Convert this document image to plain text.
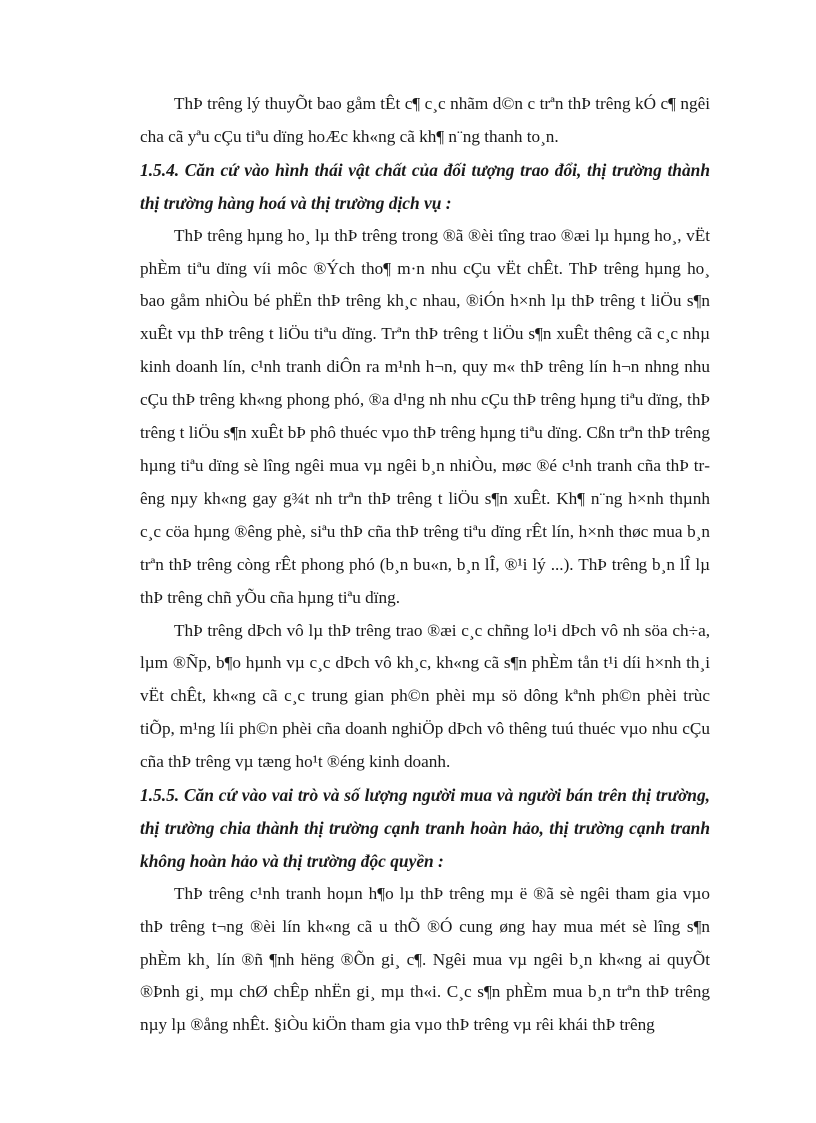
ThÞ trêng lý thuyÕt bao gåm tÊt c¶ c¸c nhãm d©n c trªn thÞ trêng kÓ c¶ ngêi cha cã yªu cÇu tiªu dïng hoÆc kh«ng cã kh¶ n¨ng thanh to¸n.

1.5.4. Căn cứ vào hình thái vật chất của đối tượng trao đổi, thị trường thành thị trường hàng hoá và thị trường dịch vụ :

ThÞ trêng hµng ho¸ lµ thÞ trêng trong ®ã ®èi tîng trao ®æi lµ hµng ho¸, vËt phÈm tiªu dïng víi môc ®Ých tho¶ m·n nhu cÇu vËt chÊt. ThÞ trêng hµng ho¸ bao gåm nhiÒu bé phËn thÞ trêng kh¸c nhau, ®iÓn h×nh lµ thÞ trêng t liÖu s¶n xuÊt vµ thÞ trêng t liÖu tiªu dïng. Trªn thÞ trêng t liÖu s¶n xuÊt thêng cã c¸c nhµ kinh doanh lín, c¹nh tranh diÔn ra m¹nh h¬n, quy m« thÞ trêng lín h¬n nhng nhu cÇu thÞ trêng kh«ng phong phó, ®a d¹ng nh nhu cÇu thÞ trêng hµng tiªu dïng, thÞ trêng t liÖu s¶n xuÊt bÞ phô thuéc vµo thÞ trêng hµng tiªu dïng. Cßn trªn thÞ trêng hµng tiªu dïng sè lîng ngêi mua vµ ngêi b¸n nhiÒu, møc ®é c¹nh tranh cña thÞ trêng nµy kh«ng gay g¾t nh trªn thÞ trêng t liÖu s¶n xuÊt. Kh¶ n¨ng h×nh thµnh c¸c cöa hµng ®êng phè, siªu thÞ cña thÞ trêng tiªu dïng rÊt lín, h×nh thøc mua b¸n trªn thÞ trêng còng rÊt phong phó (b¸n bu«n, b¸n lÎ, ®¹i lý ...). ThÞ trêng b¸n lÎ lµ thÞ trêng chñ yÕu cña hµng tiªu dïng.

ThÞ trêng dÞch vô lµ thÞ trêng trao ®æi c¸c chñng lo¹i dÞch vô nh söa ch÷a, lµm ®Ñp, b¶o hµnh vµ c¸c dÞch vô kh¸c, kh«ng cã s¶n phÈm tån t¹i díi h×nh th¸i vËt chÊt, kh«ng cã c¸c trung gian ph©n phèi mµ sö dông kªnh ph©n phèi trùc tiÕp, m¹ng líi ph©n phèi cña doanh nghiÖp dÞch vô thêng tuú thuéc vµo nhu cÇu cña thÞ trêng vµ tæng ho¹t ®éng kinh doanh.

1.5.5. Căn cứ vào vai trò và số lượng người mua và người bán trên thị trường, thị trường chia thành thị trường cạnh tranh hoàn hảo, thị trường cạnh tranh không hoàn hảo và thị trường độc quyền :

ThÞ trêng c¹nh tranh hoµn h¶o lµ thÞ trêng mµ ë ®ã sè ngêi tham gia vµo thÞ trêng t¬ng ®èi lín kh«ng cã u thÕ ®Ó cung øng hay mua mét sè lîng s¶n phÈm kh¸ lín ®ñ ¶nh hëng ®Õn gi¸ c¶. Ngêi mua vµ ngêi b¸n kh«ng ai quyÕt ®Þnh gi¸ mµ chØ chÊp nhËn gi¸ mµ th«i. C¸c s¶n phÈm mua b¸n trªn thÞ trêng nµy lµ ®ång nhÊt. §iÒu kiÖn tham gia vµo thÞ trêng vµ rêi khái thÞ trêng
